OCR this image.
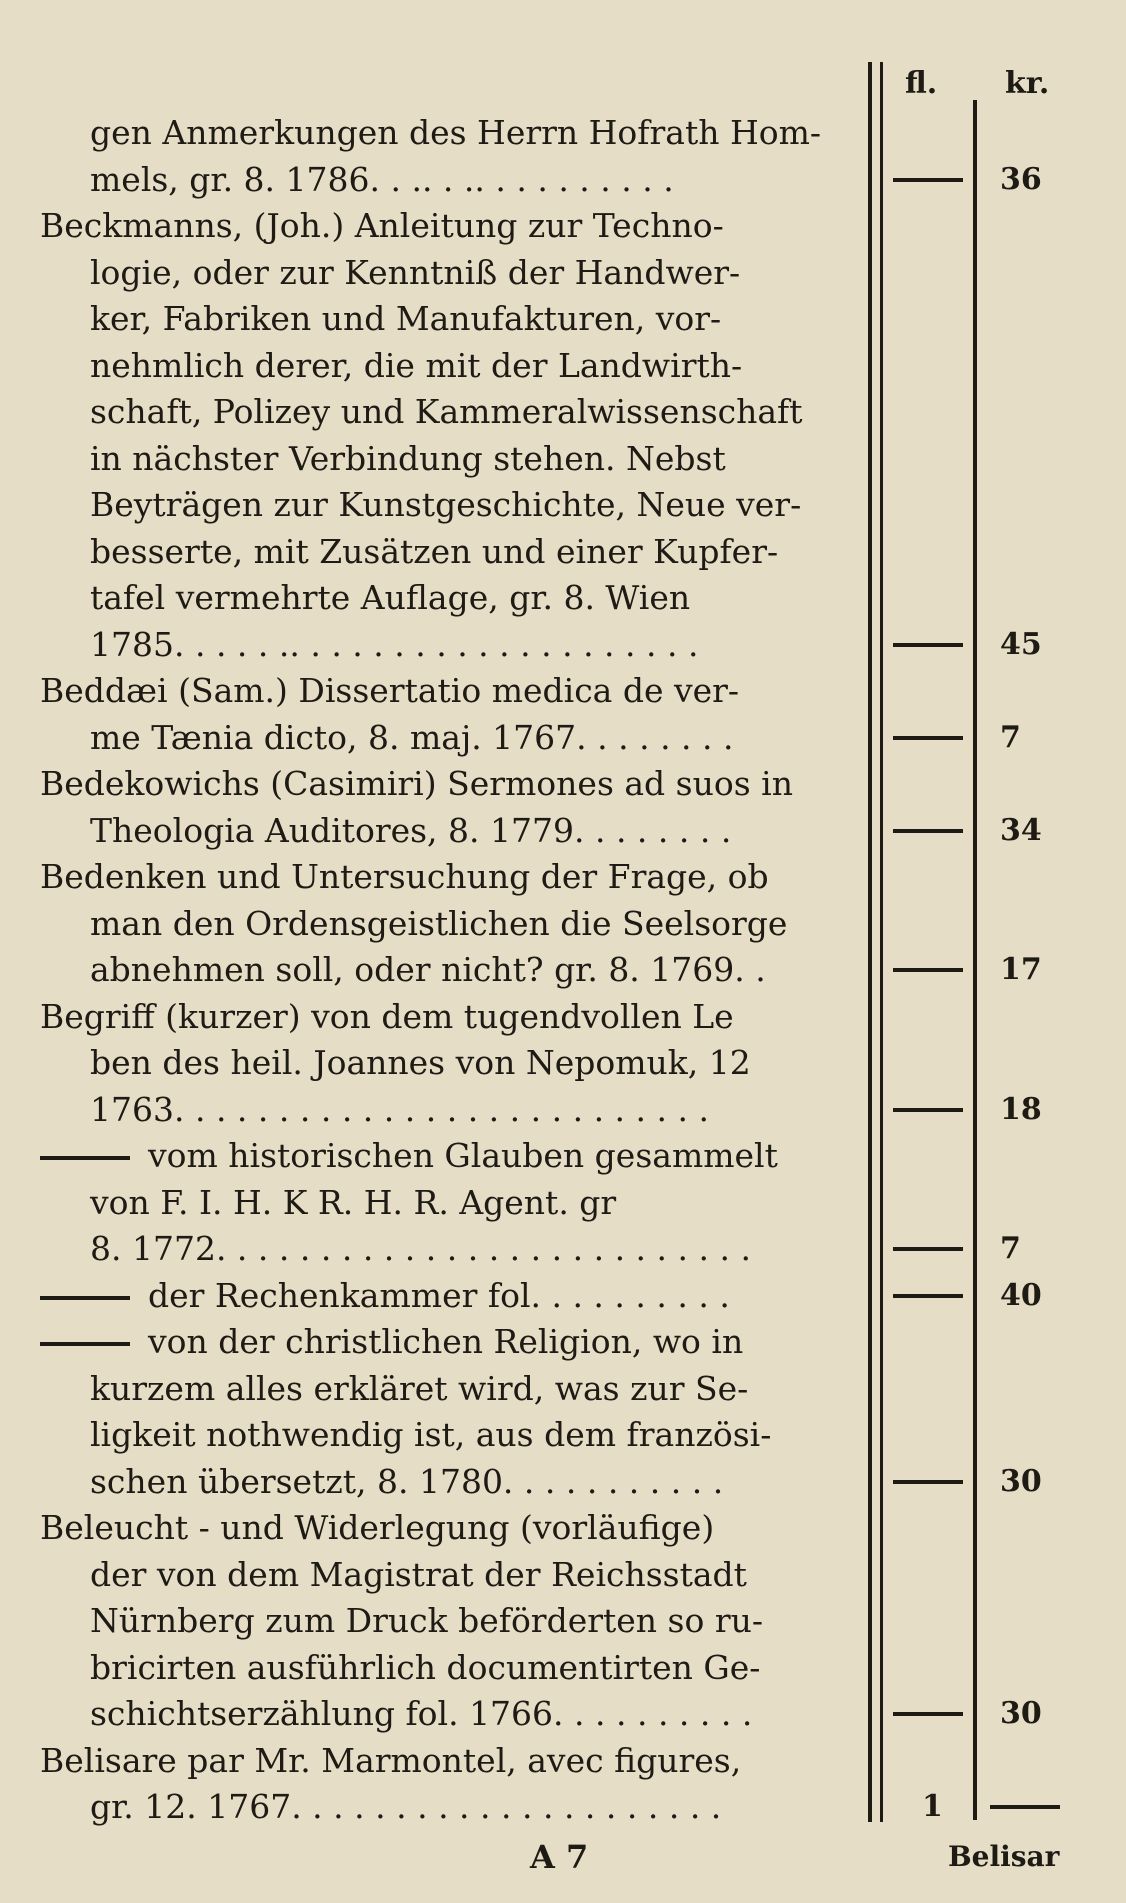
fl. kr.
gen Anmerkungen des Herrn Hofrath Hom-
mels, gr. 8. 1786. . .. . .. . . . . . . . . .
Beckmanns, (Joh.) Anleitung zur Techno-
logie, oder zur Kenntniß der Handwer-
ker, Fabriken und Manufakturen, vor-
nehmlich derer, die mit der Landwirth-
schaft, Polizey und Kammeralwissenschaft
in nächster Verbindung stehen. Nebst
Beyträgen zur Kunstgeschichte, Neue ver-
besserte, mit Zusätzen und einer Kupfer-
tafel vermehrte Auflage, gr. 8. Wien
1785. . . . . .. . . . . . . . . . . . . . . . . . . .
Beddæi (Sam.) Dissertatio medica de ver-
me Tænia dicto, 8. maj. 1767. . . . . . . .
Bedekowichs (Casimiri) Sermones ad suos in
Theologia Auditores, 8. 1779. . . . . . . .
Bedenken und Untersuchung der Frage, ob
man den Ordensgeistlichen die Seelsorge
abnehmen soll, oder nicht? gr. 8. 1769. .
Begriff (kurzer) von dem tugendvollen Le
ben des heil. Joannes von Nepomuk, 12
1763. . . . . . . . . . . . . . . . . . . . . . . . . .
vom historischen Glauben gesammelt
von F. I. H. K R. H. R. Agent. gr
8. 1772. . . . . . . . . . . . . . . . . . . . . . . . . .
der Rechenkammer fol. . . . . . . . . .
von der christlichen Religion, wo in
kurzem alles erkläret wird, was zur Se-
ligkeit nothwendig ist, aus dem französi-
schen übersetzt, 8. 1780. . . . . . . . . . .
Beleucht - und Widerlegung (vorläufige)
der von dem Magistrat der Reichsstadt
Nürnberg zum Druck beförderten so ru-
bricirten ausführlich documentirten Ge-
schichtserzählung fol. 1766. . . . . . . . . .
Belisare par Mr. Marmontel, avec figures,
gr. 12. 1767. . . . . . . . . . . . . . . . . . . . .
36
45
7
34
17
18
7
40
30
30
1
A 7	Belisar
